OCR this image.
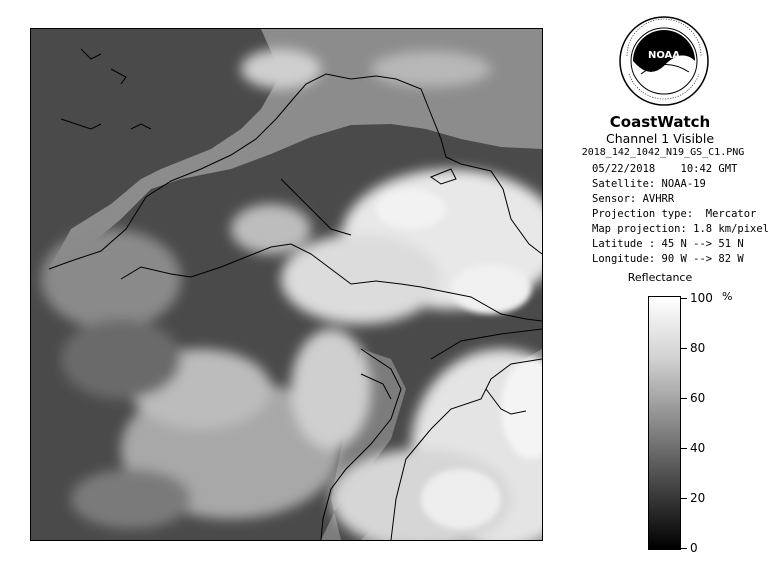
NOAA
CoastWatch
Channel 1 Visible
2018_142_1042_N19_GS_C1.PNG
05/22/2018    10:42 GMT
Satellite: NOAA-19
Sensor: AVHRR
Projection type:  Mercator
Map projection: 1.8 km/pixel
Latitude : 45 N --> 51 N
Longitude: 90 W --> 82 W
Reflectance
%
100
80
60
40
20
0
